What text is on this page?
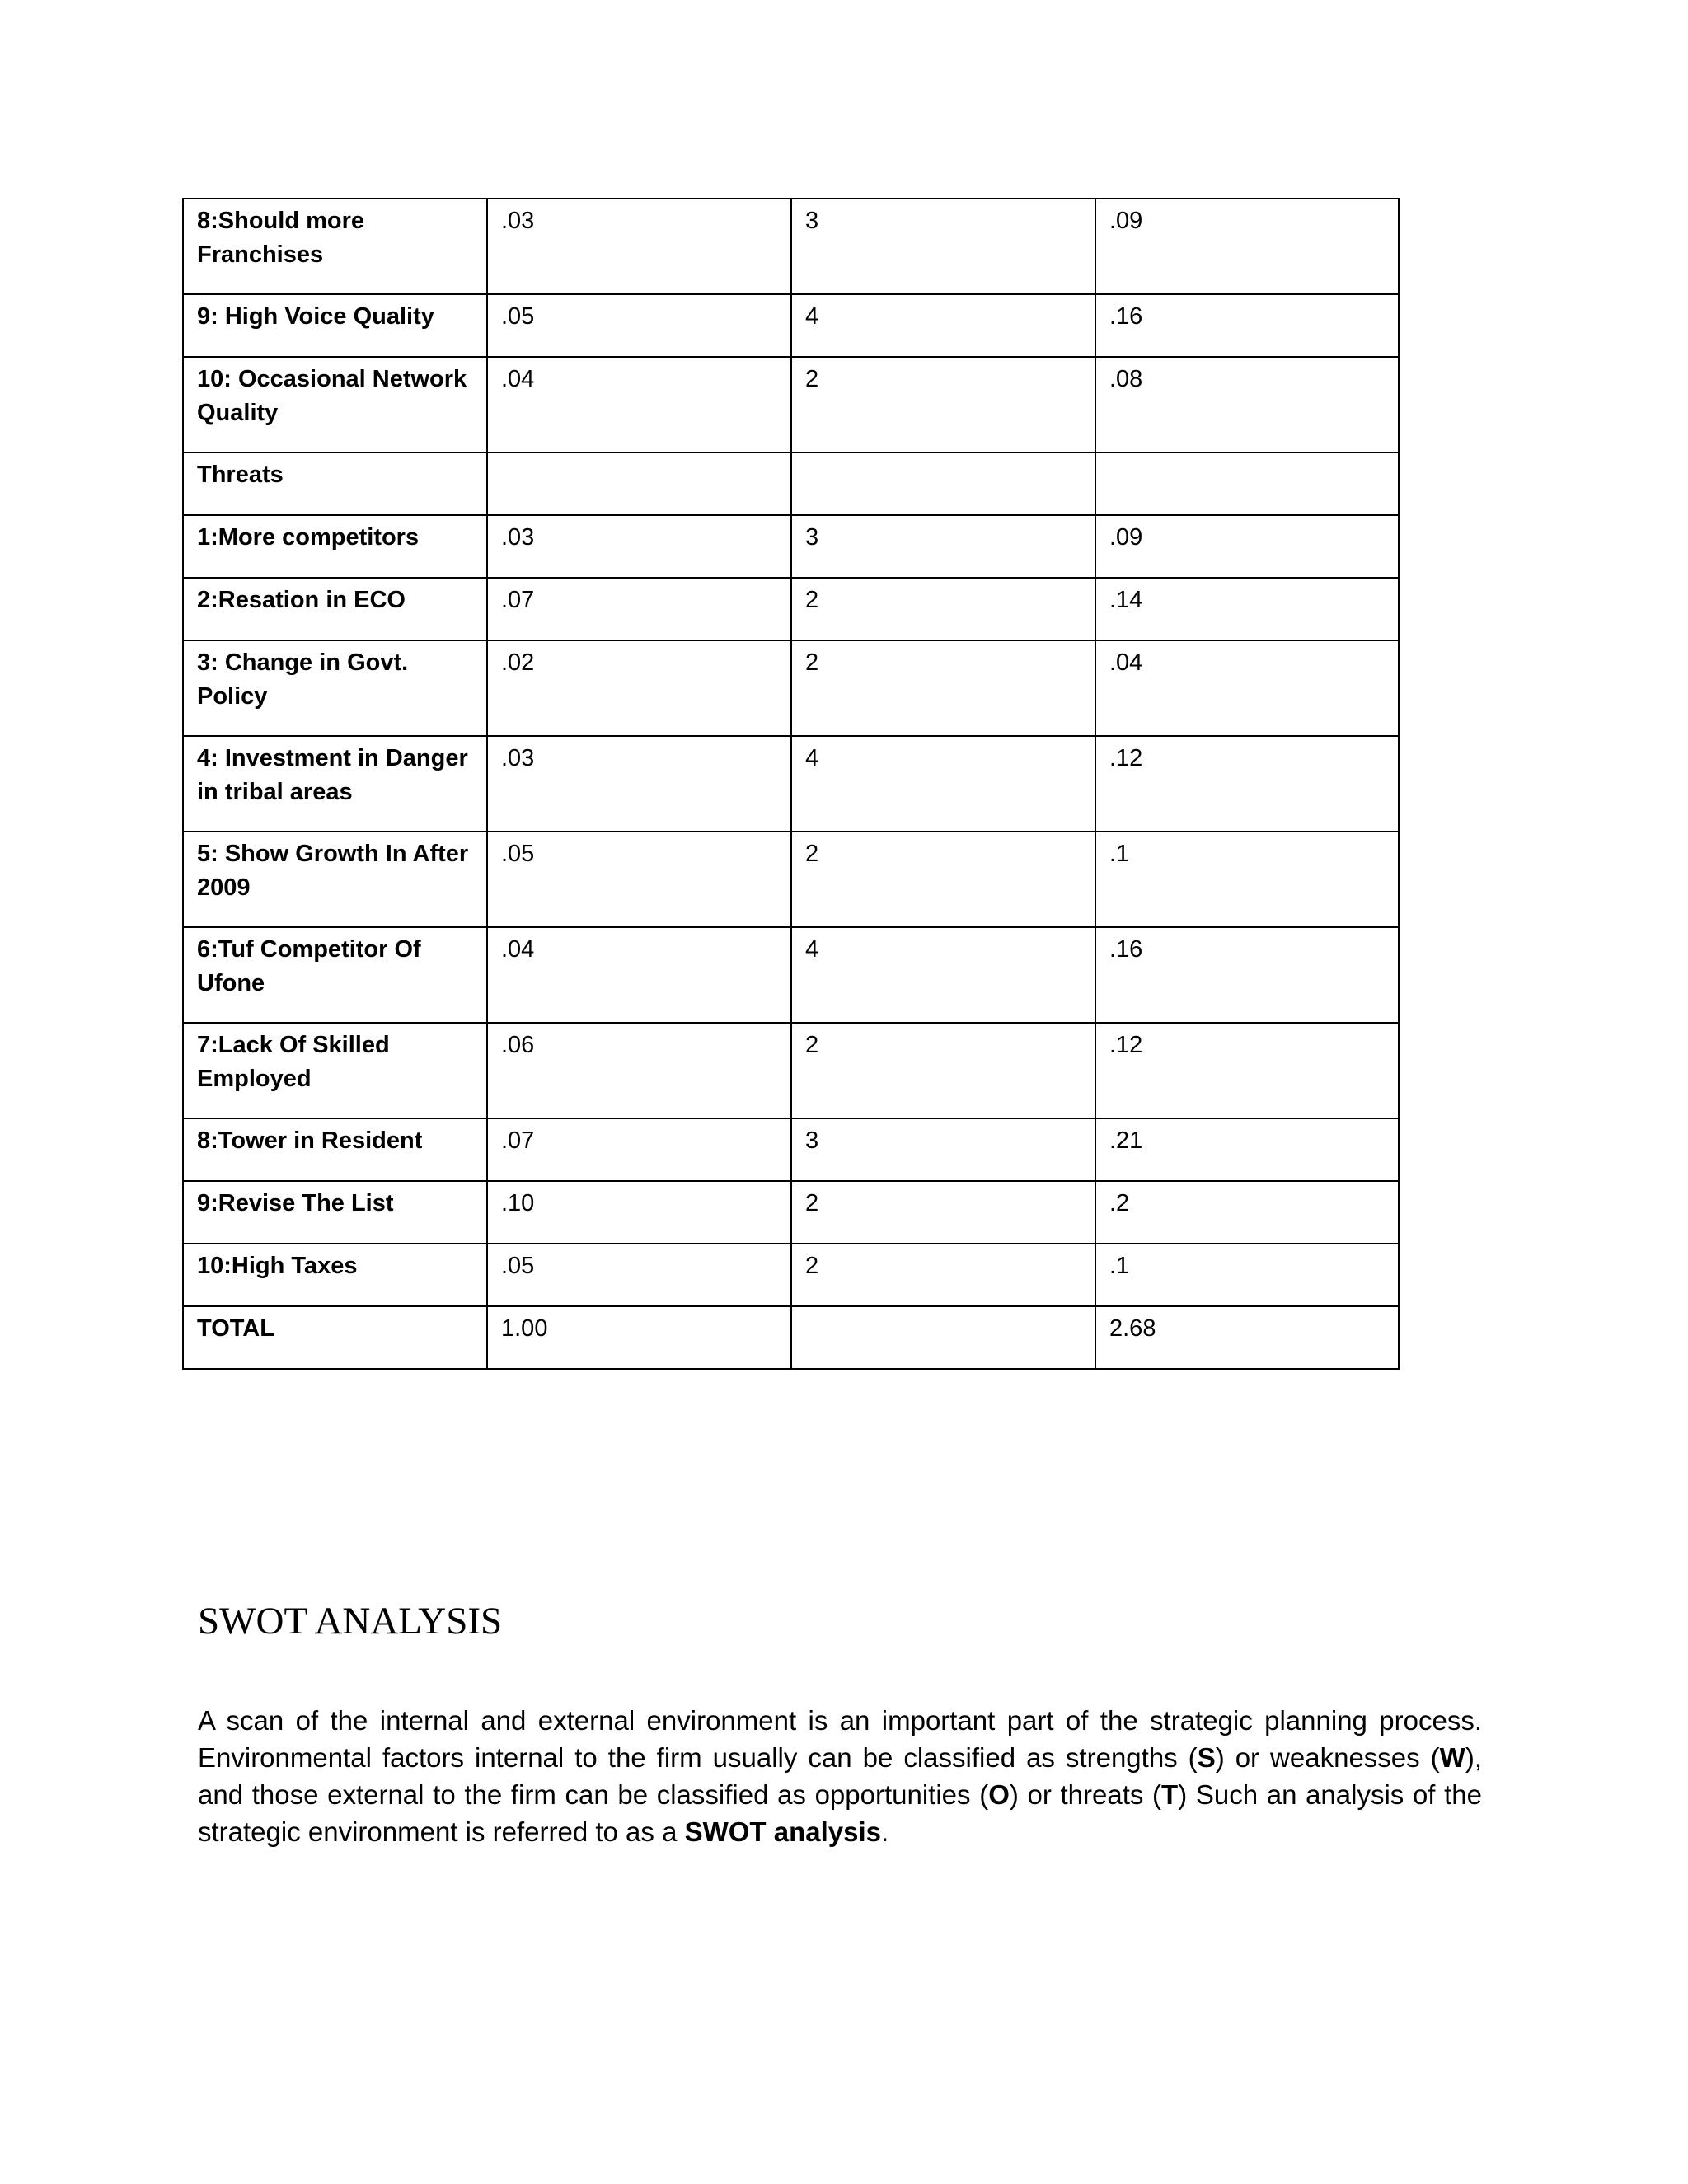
8:Should more Franchises	.03	3	.09
9: High Voice Quality	.05	4	.16
10: Occasional Network Quality	.04	2	.08
Threats			
1:More competitors	.03	3	.09
2:Resation in ECO	.07	2	.14
3: Change in Govt. Policy	.02	2	.04
4: Investment in Danger in tribal areas	.03	4	.12
5: Show Growth In After 2009	.05	2	.1
6:Tuf Competitor Of Ufone	.04	4	.16
7:Lack Of Skilled Employed	.06	2	.12
8:Tower in Resident	.07	3	.21
9:Revise The List	.10	2	.2
10:High Taxes	.05	2	.1
TOTAL	1.00		2.68
SWOT ANALYSIS

A scan of the internal and external environment is an important part of the strategic planning process. Environmental factors internal to the firm usually can be classified as strengths (S) or weaknesses (W), and those external to the firm can be classified as opportunities (O) or threats (T) Such an analysis of the strategic environment is referred to as a SWOT analysis.
